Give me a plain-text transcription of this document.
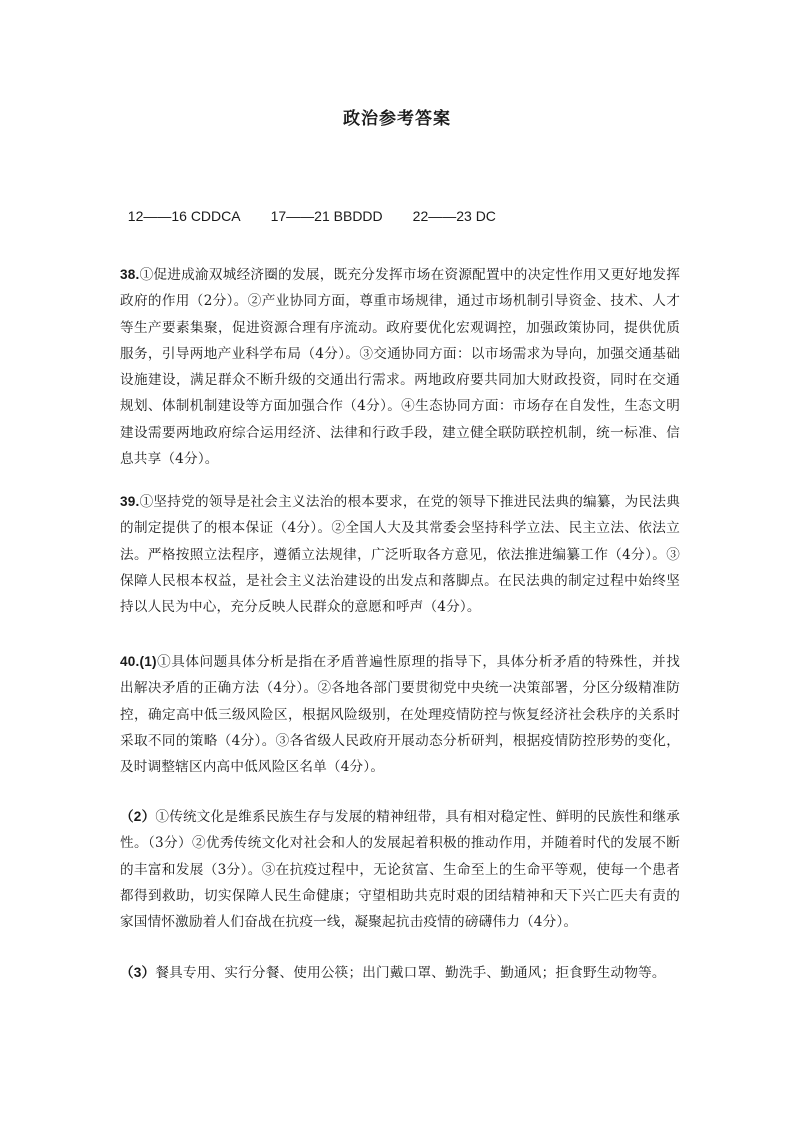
政治参考答案

12——16 CDDCA 17——21 BBDDD 22——23 DC

38.①促进成渝双城经济圈的发展，既充分发挥市场在资源配置中的决定性作用又更好地发挥政府的作用（2分）。②产业协同方面，尊重市场规律，通过市场机制引导资金、技术、人才等生产要素集聚，促进资源合理有序流动。政府要优化宏观调控，加强政策协同，提供优质服务，引导两地产业科学布局（4分）。③交通协同方面：以市场需求为导向，加强交通基础设施建设，满足群众不断升级的交通出行需求。两地政府要共同加大财政投资，同时在交通规划、体制机制建设等方面加强合作（4分）。④生态协同方面：市场存在自发性，生态文明建设需要两地政府综合运用经济、法律和行政手段，建立健全联防联控机制，统一标准、信息共享（4分）。
39.①坚持党的领导是社会主义法治的根本要求，在党的领导下推进民法典的编纂，为民法典的制定提供了的根本保证（4分）。②全国人大及其常委会坚持科学立法、民主立法、依法立法。严格按照立法程序，遵循立法规律，广泛听取各方意见，依法推进编纂工作（4分）。③保障人民根本权益，是社会主义法治建设的出发点和落脚点。在民法典的制定过程中始终坚持以人民为中心，充分反映人民群众的意愿和呼声（4分）。
40.(1)①具体问题具体分析是指在矛盾普遍性原理的指导下，具体分析矛盾的特殊性，并找出解决矛盾的正确方法（4分）。②各地各部门要贯彻党中央统一决策部署，分区分级精准防控，确定高中低三级风险区，根据风险级别，在处理疫情防控与恢复经济社会秩序的关系时采取不同的策略（4分）。③各省级人民政府开展动态分析研判，根据疫情防控形势的变化，及时调整辖区内高中低风险区名单（4分）。
（2）①传统文化是维系民族生存与发展的精神纽带，具有相对稳定性、鲜明的民族性和继承性。（3分）②优秀传统文化对社会和人的发展起着积极的推动作用，并随着时代的发展不断的丰富和发展（3分）。③在抗疫过程中，无论贫富、生命至上的生命平等观，使每一个患者都得到救助，切实保障人民生命健康；守望相助共克时艰的团结精神和天下兴亡匹夫有责的家国情怀激励着人们奋战在抗疫一线，凝聚起抗击疫情的磅礴伟力（4分）。
（3）餐具专用、实行分餐、使用公筷；出门戴口罩、勤洗手、勤通风；拒食野生动物等。
